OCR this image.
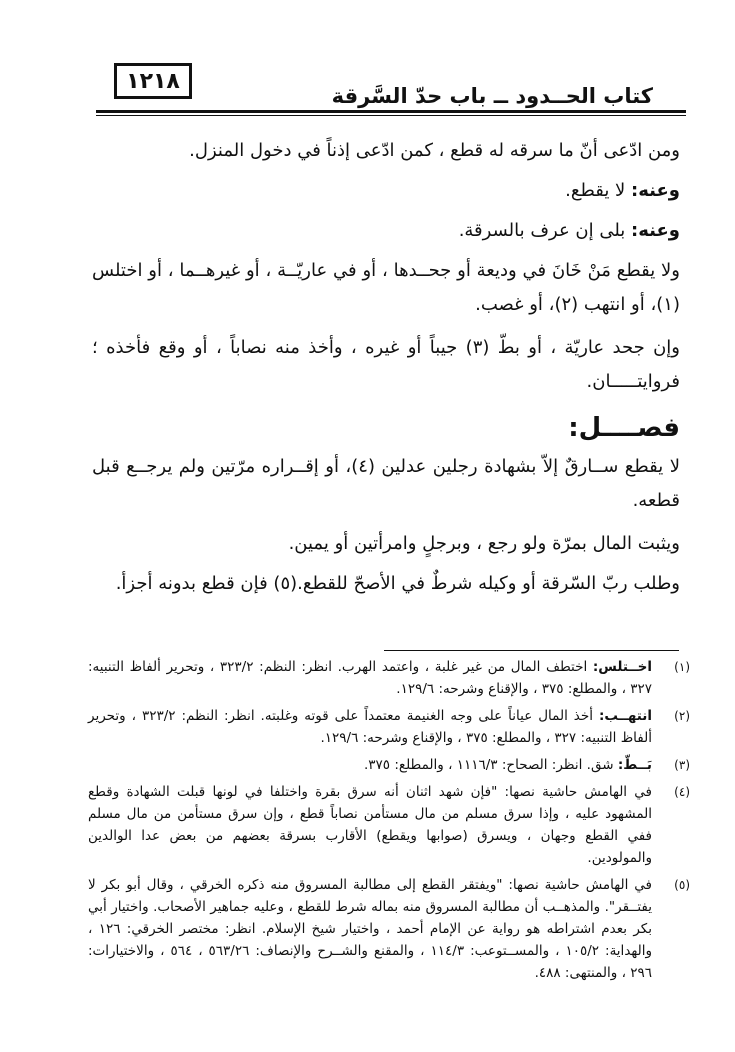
١٢١٨
كتاب الحــدود ــ باب حدّ السَّرقة

ومن ادّعى أنّ ما سرقه له قطع ، كمن ادّعى إذناً في دخول المنزل.

وعنه: لا يقطع.

وعنه: بلى إن عرف بالسرقة.

ولا يقطع مَنْ خَانَ في وديعة أو جحــدها ، أو في عاريّــة ، أو غيرهــما ، أو اختلس (١)، أو انتهب (٢)، أو غصب.

وإن جحد عاريّة ، أو بطّ (٣) جيباً أو غيره ، وأخذ منه نصاباً ، أو وقع فأخذه ؛ فروايتـــــان.

فصــــل:

لا يقطع ســارقٌ إلاّ بشهادة رجلين عدلين (٤)، أو إقــراره مرّتين ولم يرجــع قبل قطعه.

ويثبت المال بمرّة ولو رجع ، وبرجلٍ وامرأتين أو يمين.

وطلب ربّ السّرقة أو وكيله شرطٌ في الأصحّ للقطع.(٥) فإن قطع بدونه أجزأ.

(١)
اخــتلس: اختطف المال من غير غلبة ، واعتمد الهرب. انظر: النظم: ٣٢٣/٢ ، وتحرير ألفاظ التنبيه: ٣٢٧ ، والمطلع: ٣٧٥ ، والإقناع وشرحه: ١٢٩/٦.
(٢)
انتهــب: أخذ المال عياناً على وجه الغنيمة معتمداً على قوته وغلبته. انظر: النظم: ٣٢٣/٢ ، وتحرير ألفاظ التنبيه: ٣٢٧ ، والمطلع: ٣٧٥ ، والإقناع وشرحه: ١٢٩/٦.
(٣)
بَــطّ: شق. انظر: الصحاح: ١١١٦/٣ ، والمطلع: ٣٧٥.
(٤)
في الهامش حاشية نصها: "فإن شهد اثنان أنه سرق بقرة واختلفا في لونها قبلت الشهادة وقطع المشهود عليه ، وإذا سرق مسلم من مال مستأمن نصاباً قطع ، وإن سرق مستأمن من مال مسلم ففي القطع وجهان ، ويسرق (صوابها ويقطع) الأقارب بسرقة بعضهم من بعض عدا الوالدين والمولودين.
(٥)
في الهامش حاشية نصها: "ويفتقر القطع إلى مطالبة المسروق منه ذكره الخرقي ، وقال أبو بكر لا يفتــقر". والمذهــب أن مطالبة المسروق منه بماله شرط للقطع ، وعليه جماهير الأصحاب. واختيار أبي بكر بعدم اشتراطه هو رواية عن الإمام أحمد ، واختيار شيخ الإسلام. انظر: مختصر الخرقي: ١٢٦ ، والهداية: ١٠٥/٢ ، والمســتوعب: ١١٤/٣ ، والمقنع والشــرح والإنصاف: ٥٦٣/٢٦ ، ٥٦٤ ، والاختيارات: ٢٩٦ ، والمنتهى: ٤٨٨.
